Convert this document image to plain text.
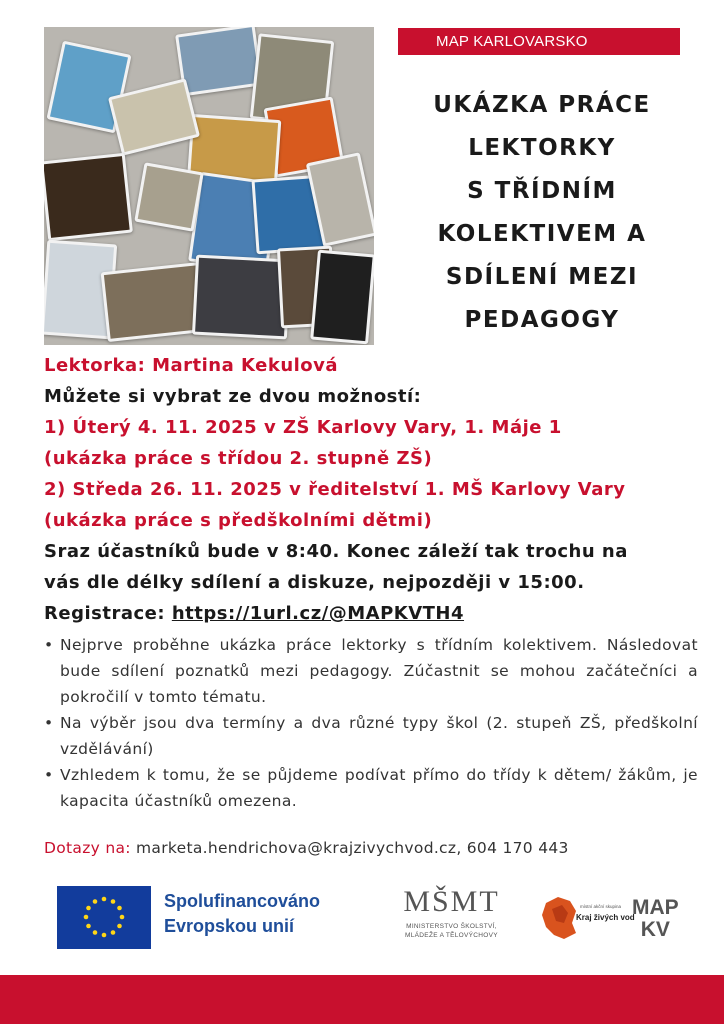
MAP KARLOVARSKO
UKÁZKA PRÁCE
LEKTORKY
S TŘÍDNÍM
KOLEKTIVEM A
SDÍLENÍ MEZI
PEDAGOGY

Lektorka: Martina Kekulová

Můžete si vybrat ze dvou možností:

1) Úterý 4. 11. 2025 v ZŠ Karlovy Vary, 1. Máje 1

(ukázka práce s třídou 2. stupně ZŠ)

2) Středa 26. 11. 2025 v ředitelství 1. MŠ Karlovy Vary

(ukázka práce s předškolními dětmi)

Sraz účastníků bude v 8:40. Konec záleží tak trochu na

vás dle délky sdílení a diskuze, nejpozději v 15:00.

Registrace: https://1url.cz/@MAPKVTH4

• Nejprve proběhne ukázka práce lektorky s třídním kolektivem. Následovat bude sdílení poznatků mezi pedagogy. Zúčastnit se mohou začátečníci a pokročilí v tomto tématu.
• Na výběr jsou dva termíny a dva různé typy škol (2. stupeň ZŠ, předškolní vzdělávání)
• Vzhledem k tomu, že se půjdeme podívat přímo do třídy k dětem/ žákům, je kapacita účastníků omezena.
Dotazy na: marketa.hendrichova@krajzivychvod.cz, 604 170 443
Spolufinancováno
Evropskou unií
MŠMT
MINISTERSTVO ŠKOLSTVÍ,
MLÁDEŽE A TĚLOVÝCHOVY
místní akční skupina
Kraj živých vod
MAP
KV
